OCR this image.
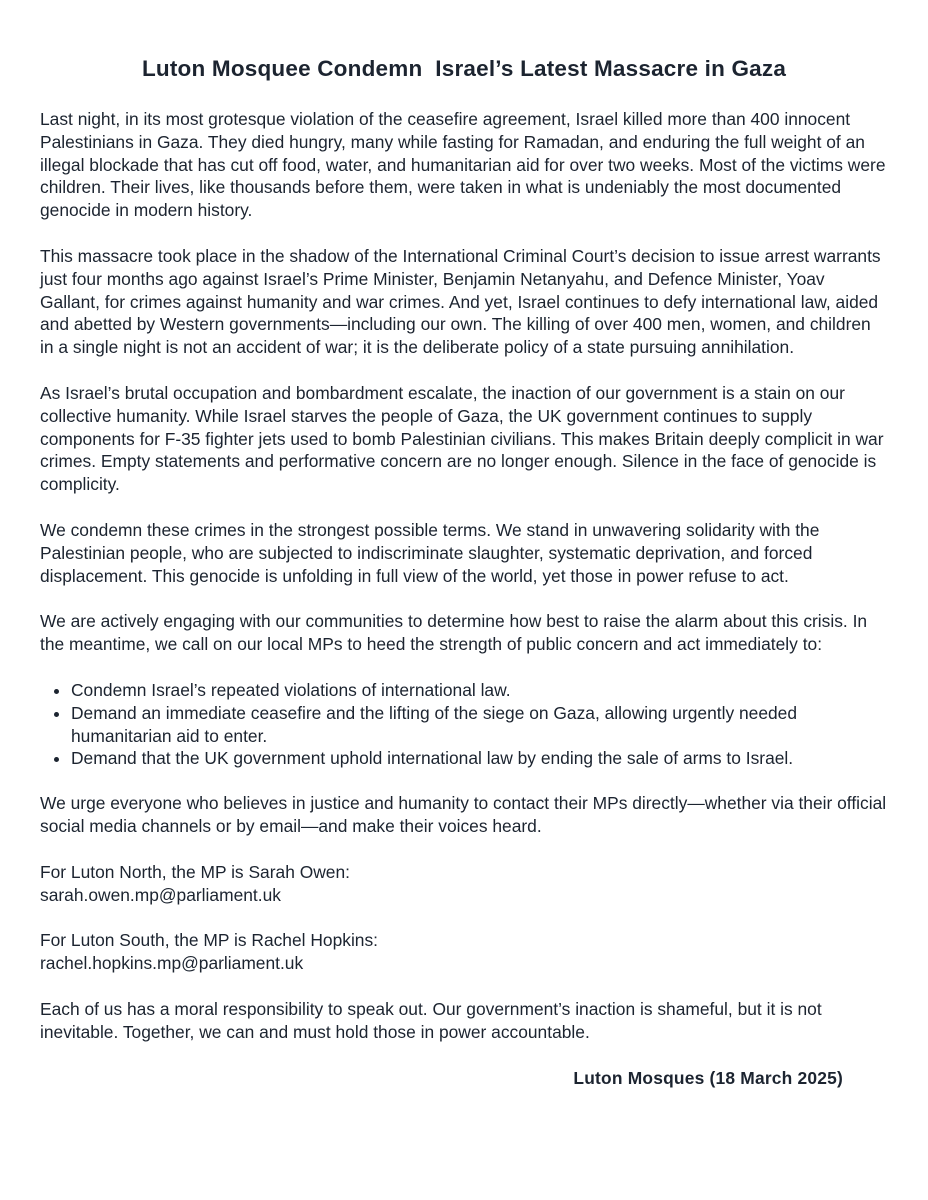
Luton Mosquee Condemn  Israel’s Latest Massacre in Gaza

Last night, in its most grotesque violation of the ceasefire agreement, Israel killed more than 400 innocent Palestinians in Gaza. They died hungry, many while fasting for Ramadan, and enduring the full weight of an illegal blockade that has cut off food, water, and humanitarian aid for over two weeks. Most of the victims were children. Their lives, like thousands before them, were taken in what is undeniably the most documented genocide in modern history.

This massacre took place in the shadow of the International Criminal Court’s decision to issue arrest warrants just four months ago against Israel’s Prime Minister, Benjamin Netanyahu, and Defence Minister, Yoav Gallant, for crimes against humanity and war crimes. And yet, Israel continues to defy international law, aided and abetted by Western governments—including our own. The killing of over 400 men, women, and children in a single night is not an accident of war; it is the deliberate policy of a state pursuing annihilation.

As Israel’s brutal occupation and bombardment escalate, the inaction of our government is a stain on our collective humanity. While Israel starves the people of Gaza, the UK government continues to supply components for F-35 fighter jets used to bomb Palestinian civilians. This makes Britain deeply complicit in war crimes. Empty statements and performative concern are no longer enough. Silence in the face of genocide is complicity.

We condemn these crimes in the strongest possible terms. We stand in unwavering solidarity with the Palestinian people, who are subjected to indiscriminate slaughter, systematic deprivation, and forced displacement. This genocide is unfolding in full view of the world, yet those in power refuse to act.

We are actively engaging with our communities to determine how best to raise the alarm about this crisis. In the meantime, we call on our local MPs to heed the strength of public concern and act immediately to:

• Condemn Israel’s repeated violations of international law.
• Demand an immediate ceasefire and the lifting of the siege on Gaza, allowing urgently needed humanitarian aid to enter.
• Demand that the UK government uphold international law by ending the sale of arms to Israel.

We urge everyone who believes in justice and humanity to contact their MPs directly—whether via their official social media channels or by email—and make their voices heard.

For Luton North, the MP is Sarah Owen:
sarah.owen.mp@parliament.uk
For Luton South, the MP is Rachel Hopkins:
rachel.hopkins.mp@parliament.uk

Each of us has a moral responsibility to speak out. Our government’s inaction is shameful, but it is not inevitable. Together, we can and must hold those in power accountable.

Luton Mosques (18 March 2025)
